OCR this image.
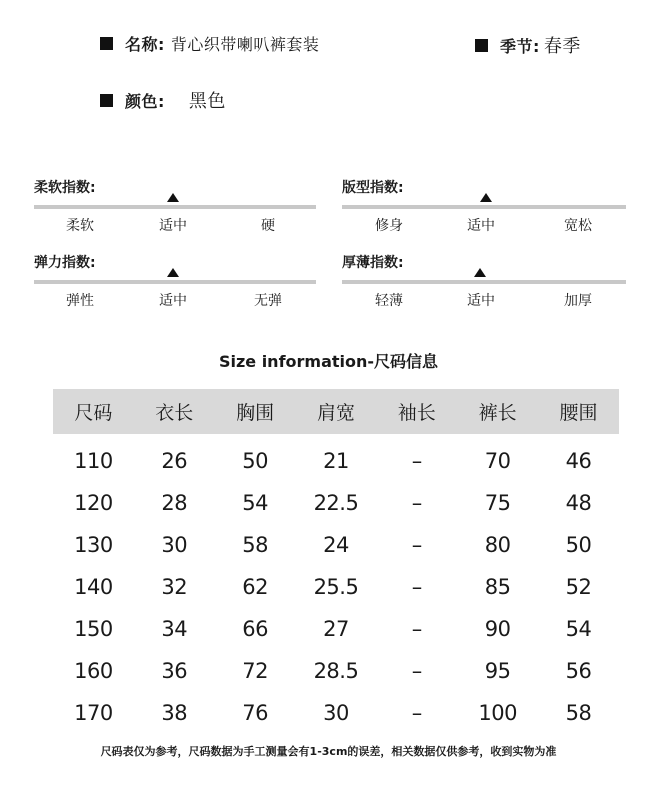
名称: 背心织带喇叭裤套装	季节: 春季
颜色: 黑色
柔软指数:
柔软	适中	硬
版型指数:
修身	适中	宽松
弹力指数:
弹性	适中	无弹
厚薄指数:
轻薄	适中	加厚
Size information-尺码信息
尺码	衣长	胸围	肩宽	袖长	裤长	腰围
110	26	50	21	–	70	46
120	28	54	22.5	–	75	48
130	30	58	24	–	80	50
140	32	62	25.5	–	85	52
150	34	66	27	–	90	54
160	36	72	28.5	–	95	56
170	38	76	30	–	100	58
尺码表仅为参考，尺码数据为手工测量会有1-3cm的误差，相关数据仅供参考，收到实物为准
